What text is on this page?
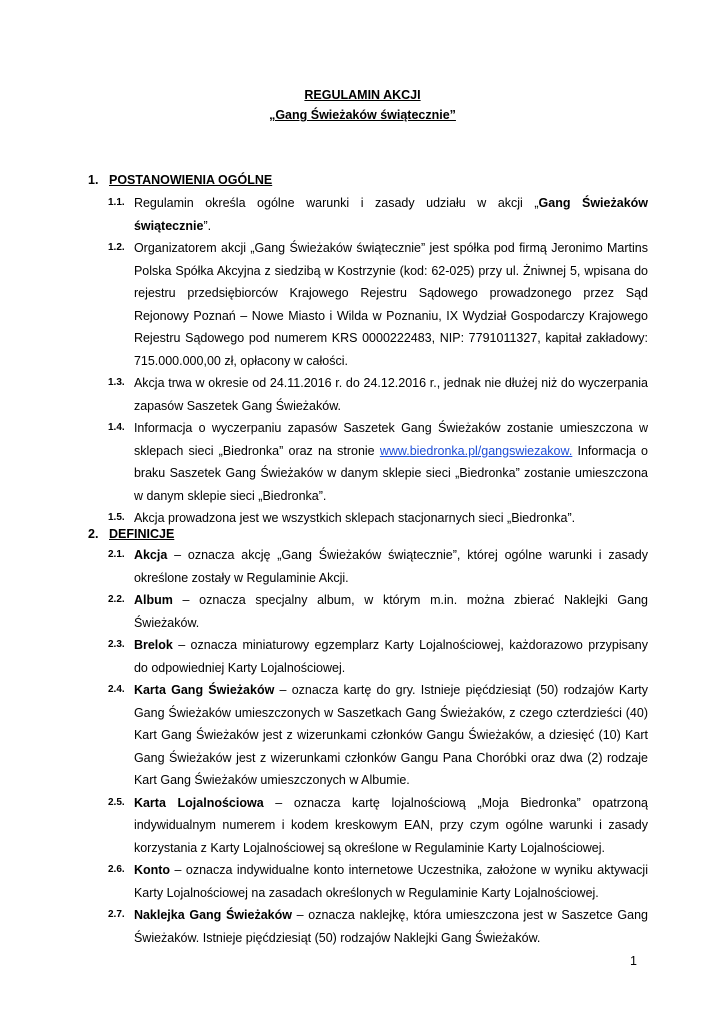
REGULAMIN AKCJI
„Gang Świeżaków świątecznie”
1. POSTANOWIENIA OGÓLNE
1.1. Regulamin określa ogólne warunki i zasady udziału w akcji „Gang Świeżaków świątecznie”.
1.2. Organizatorem akcji „Gang Świeżaków świątecznie” jest spółka pod firmą Jeronimo Martins Polska Spółka Akcyjna z siedzibą w Kostrzynie (kod: 62-025) przy ul. Żniwnej 5, wpisana do rejestru przedsiębiorców Krajowego Rejestru Sądowego prowadzonego przez Sąd Rejonowy Poznań – Nowe Miasto i Wilda w Poznaniu, IX Wydział Gospodarczy Krajowego Rejestru Sądowego pod numerem KRS 0000222483, NIP: 7791011327, kapitał zakładowy: 715.000.000,00 zł, opłacony w całości.
1.3. Akcja trwa w okresie od 24.11.2016 r. do 24.12.2016 r., jednak nie dłużej niż do wyczerpania zapasów Saszetek Gang Świeżaków.
1.4. Informacja o wyczerpaniu zapasów Saszetek Gang Świeżaków zostanie umieszczona w sklepach sieci „Biedronka” oraz na stronie www.biedronka.pl/gangswiezakow. Informacja o braku Saszetek Gang Świeżaków w danym sklepie sieci „Biedronka” zostanie umieszczona w danym sklepie sieci „Biedronka”.
1.5. Akcja prowadzona jest we wszystkich sklepach stacjonarnych sieci „Biedronka”.
2. DEFINICJE
2.1. Akcja – oznacza akcję „Gang Świeżaków świątecznie”, której ogólne warunki i zasady określone zostały w Regulaminie Akcji.
2.2. Album – oznacza specjalny album, w którym m.in. można zbierać Naklejki Gang Świeżaków.
2.3. Brelok – oznacza miniaturowy egzemplarz Karty Lojalnościowej, każdorazowo przypisany do odpowiedniej Karty Lojalnościowej.
2.4. Karta Gang Świeżaków – oznacza kartę do gry. Istnieje pięćdziesiąt (50) rodzajów Karty Gang Świeżaków umieszczonych w Saszetkach Gang Świeżaków, z czego czterdzieści (40) Kart Gang Świeżaków jest z wizerunkami członków Gangu Świeżaków, a dziesięć (10) Kart Gang Świeżaków jest z wizerunkami członków Gangu Pana Choróbki oraz dwa (2) rodzaje Kart Gang Świeżaków umieszczonych w Albumie.
2.5. Karta Lojalnościowa – oznacza kartę lojalnościową „Moja Biedronka” opatrzoną indywidualnym numerem i kodem kreskowym EAN, przy czym ogólne warunki i zasady korzystania z Karty Lojalnościowej są określone w Regulaminie Karty Lojalnościowej.
2.6. Konto – oznacza indywidualne konto internetowe Uczestnika, założone w wyniku aktywacji Karty Lojalnościowej na zasadach określonych w Regulaminie Karty Lojalnościowej.
2.7. Naklejka Gang Świeżaków – oznacza naklejkę, która umieszczona jest w Saszetce Gang Świeżaków. Istnieje pięćdziesiąt (50) rodzajów Naklejki Gang Świeżaków.
1
